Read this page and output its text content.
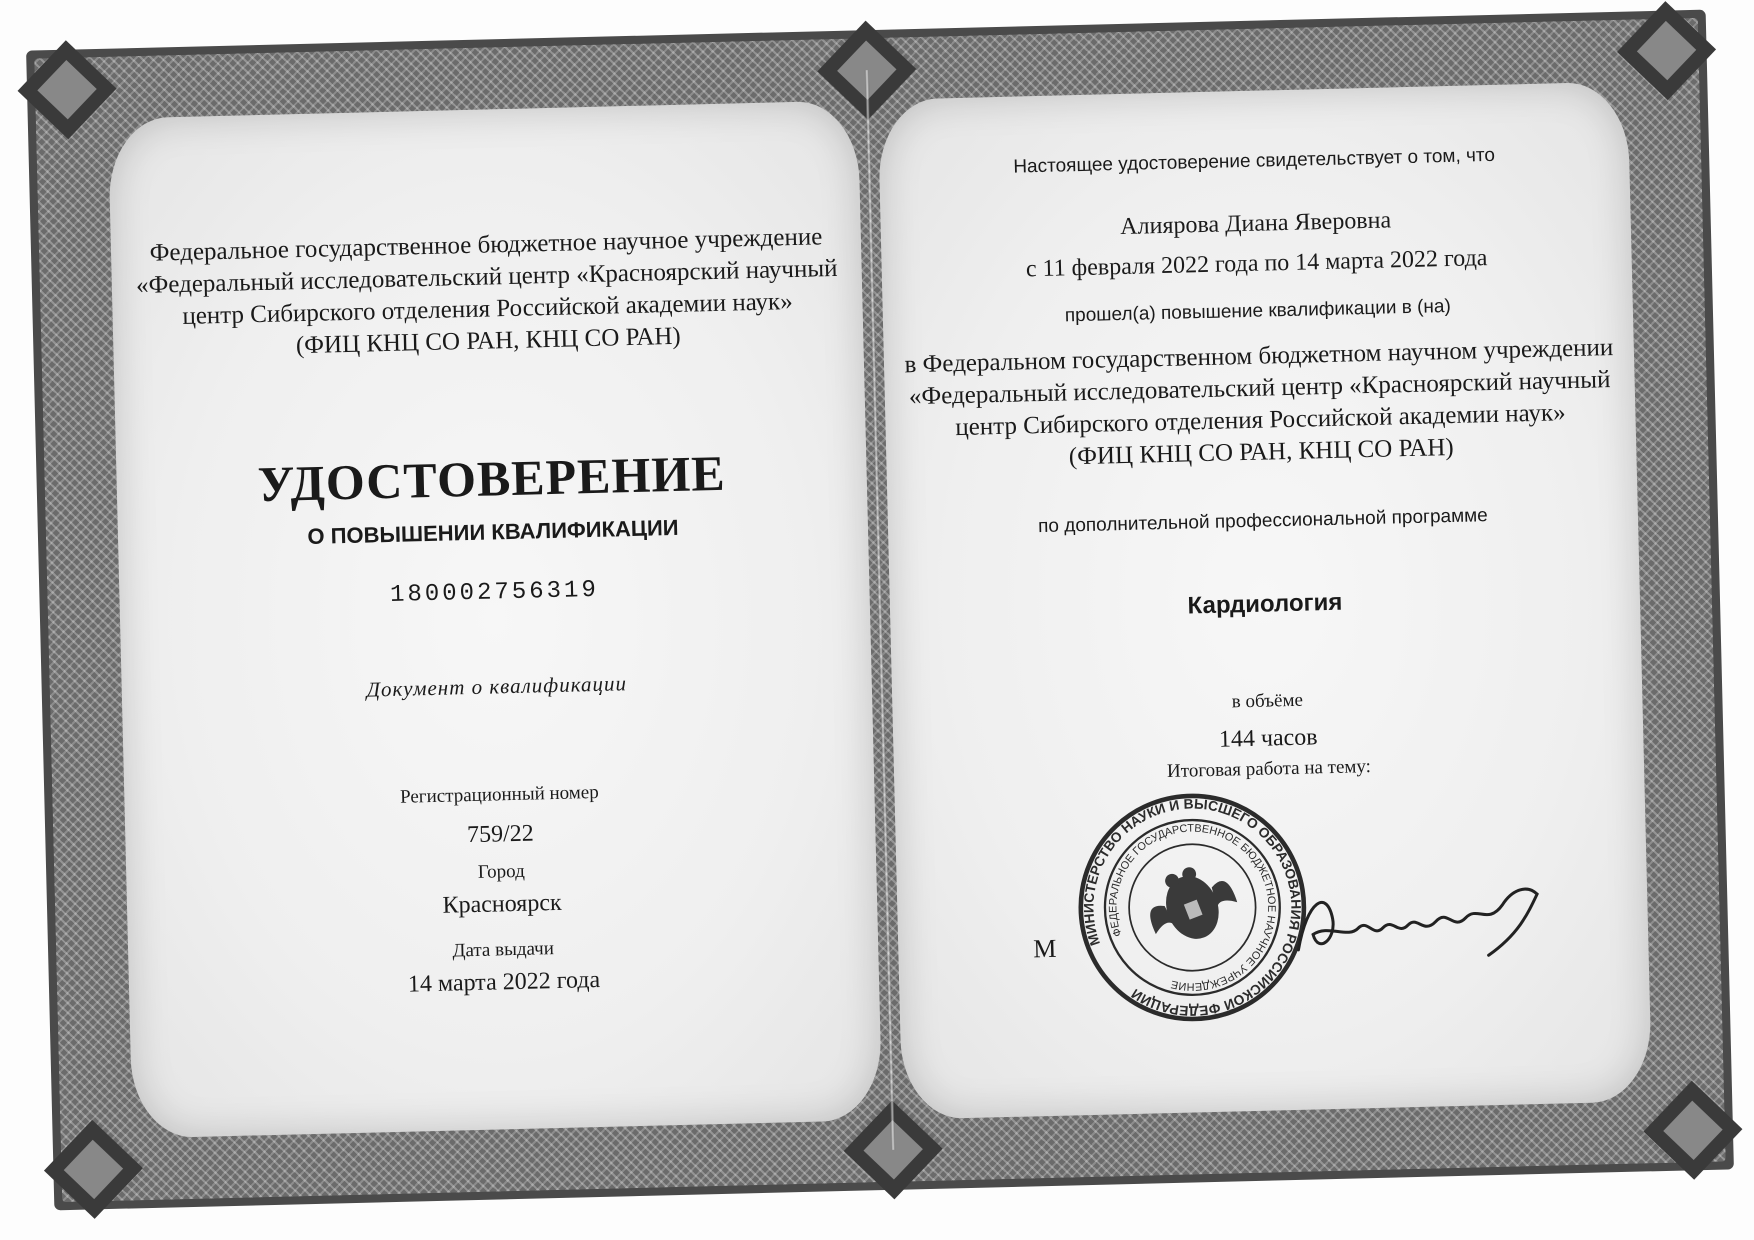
Федеральное государственное бюджетное научное учреждение
«Федеральный исследовательский центр «Красноярский научный
центр Сибирского отделения Российской академии наук»
(ФИЦ КНЦ СО РАН, КНЦ СО РАН)
УДОСТОВЕРЕНИЕ
О ПОВЫШЕНИИ КВАЛИФИКАЦИИ
180002756319
Документ о квалификации
Регистрационный номер
759/22
Город
Красноярск
Дата выдачи
14 марта 2022 года
Настоящее удостоверение свидетельствует о том, что
Алиярова Диана Яверовна
с 11 февраля 2022 года по 14 марта 2022 года
прошел(а) повышение квалификации в (на)
в Федеральном государственном бюджетном научном учреждении
«Федеральный исследовательский центр «Красноярский научный
центр Сибирского отделения Российской академии наук»
(ФИЦ КНЦ СО РАН, КНЦ СО РАН)
по дополнительной профессиональной программе
Кардиология
в объёме
144 часов
Итоговая работа на тему:
М	МИНИСТЕРСТВО НАУКИ И ВЫСШЕГО ОБРАЗОВАНИЯ РОССИЙСКОЙ ФЕДЕРАЦИИ
ФЕДЕРАЛЬНОЕ ГОСУДАРСТВЕННОЕ БЮДЖЕТНОЕ НАУЧНОЕ УЧРЕЖДЕНИЕ
